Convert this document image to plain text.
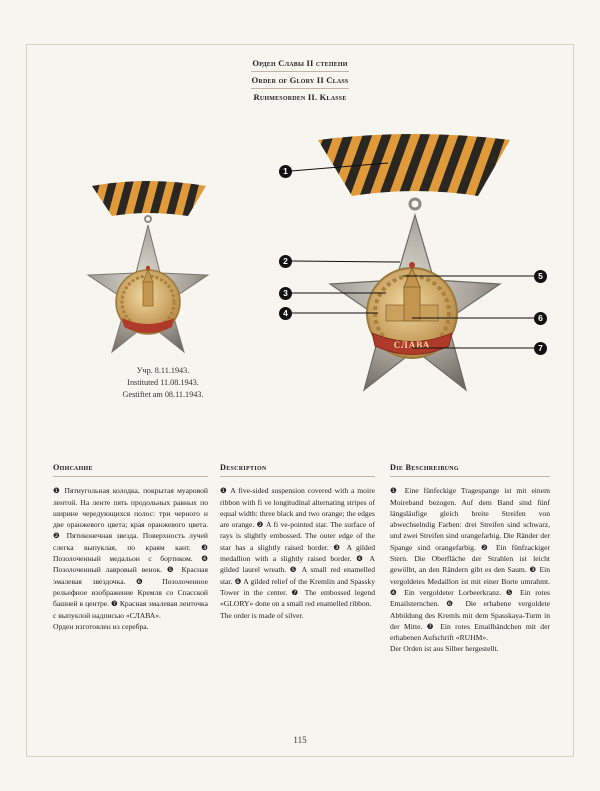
Орден Славы II степени
Order of Glory II Class
Ruhmesorden II. Klasse
СЛАВА
1
2
3
4
5
6
7
Учр. 8.11.1943.
Instituted 11.08.1943.
Gestiftet am 08.11.1943.
Описание

❶ Пятиугольная колодка, покрытая муаровой лентой. На ленте пять продольных равных по ширине чередующихся полос: три черного и две оранжевого цвета; края оранжевого цвета. ❷ Пятиконечная звезда. Поверхность лучей слегка выпуклая, по краям кант. ❸ Позолоченный медальон с бортиком. ❹ Позолоченный лавровый венок. ❺ Красная эмалевая звездочка. ❻ Позолоченное рельефное изображение Кремля со Спасской башней в центре. ❼ Красная эмалевая ленточка с выпуклой надписью «СЛАВА».

Орден изготовлен из серебра.

Description

❶ A five-sided suspension covered with a moire ribbon with fi ve longitudinal alternating stripes of equal width: three black and two orange; the edges are orange. ❷ A fi ve-pointed star. The surface of rays is slightly embossed. The outer edge of the star has a slightly raised border. ❸ A gilded medallion with a slightly raised border. ❹ A gilded laurel wreath. ❺ A small red enamelled star. ❻ A gilded relief of the Kremlin and Spassky Tower in the center. ❼ The embossed legend «GLORY» done on a small red enamelled ribbon.

The order is made of silver.

Die Beschreibung

❶ Eine fünfeckige Tragespange ist mit einem Moireband bezogen. Auf dem Band sind fünf längsläufige gleich breite Streifen von abwechselndig Farben: drei Streifen sind schwarz, und zwei Streifen sind orangefarbig. Die Ränder der Spange sind orangefarbig. ❷ Ein fünfzackiger Stern. Die Oberfläche der Strahlen ist leicht gewölbt, an den Rändern gibt es den Saum. ❸ Ein vergoldetes Medaillon ist mit einer Borte umrahmt. ❹ Ein vergoldeter Lorbeerkranz. ❺ Ein rotes Emailsternchen. ❻ Die erhabene vergoldete Abbildung des Kremls mit dem Spasskaya-Turm in der Mitte. ❼ Ein rotes Emailbändchen mit der erhabenen Aufschrift «RUHM».

Der Orden ist aus Silber hergestellt.

115
